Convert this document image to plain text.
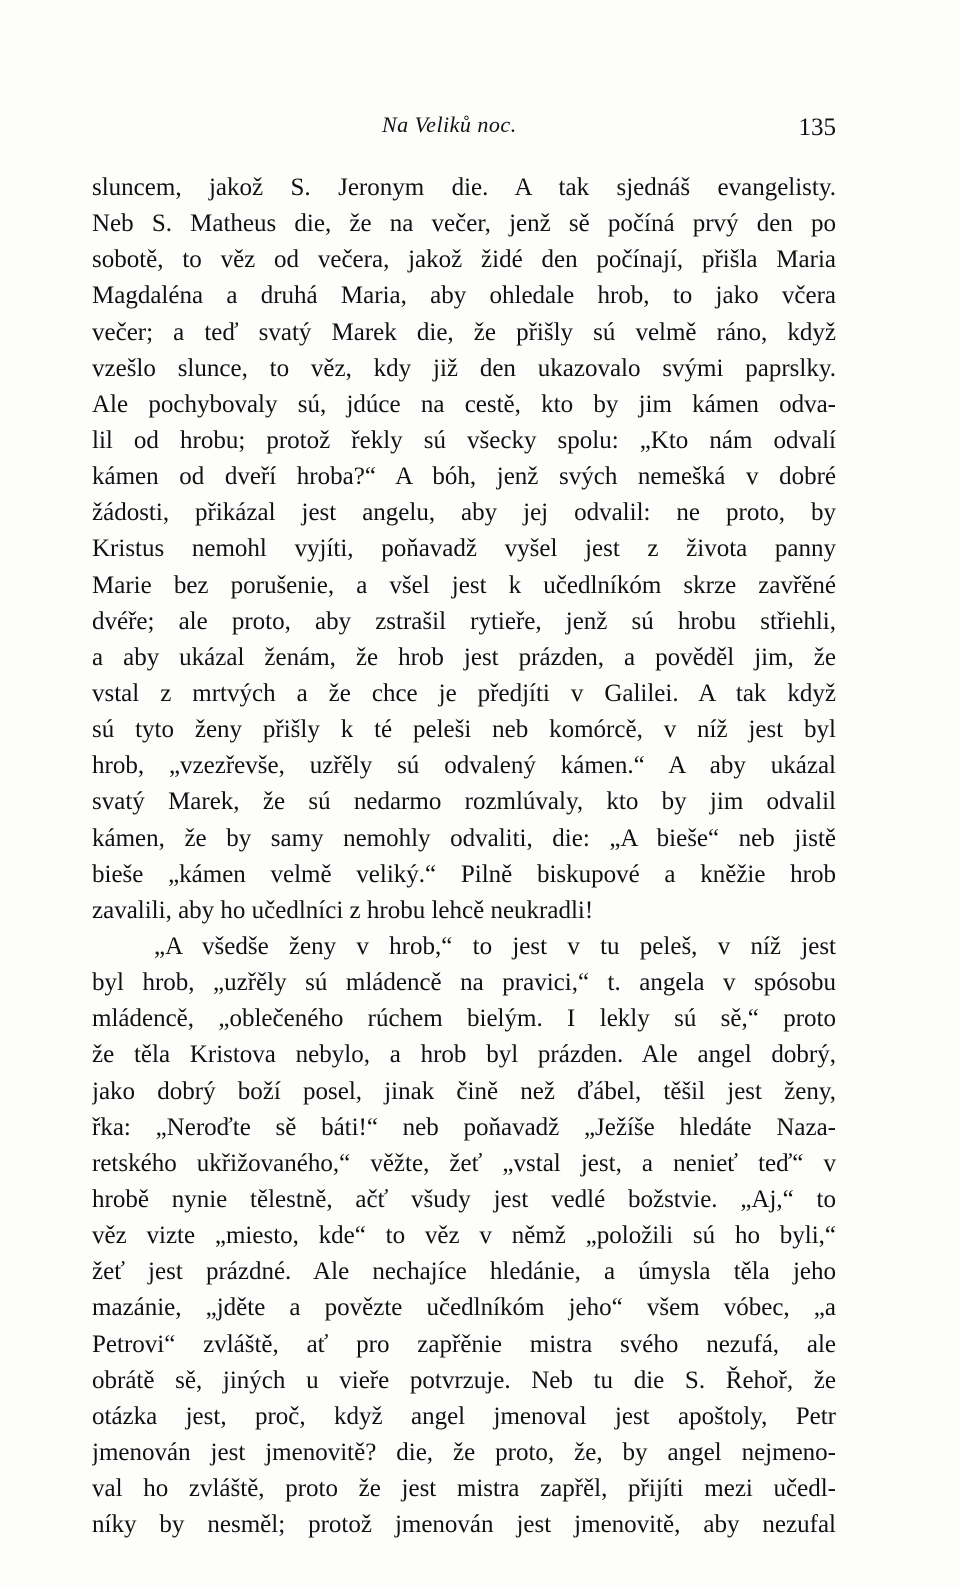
Na Veliků noc.	135
sluncem, jakož S. Jeronym die. A tak sjednáš evangelisty.
Neb S. Matheus die, že na večer, jenž sě počíná prvý den po
sobotě, to věz od večera, jakož židé den počínají, přišla Maria
Magdaléna a druhá Maria, aby ohledale hrob, to jako včera
večer; a teď svatý Marek die, že přišly sú velmě ráno, když
vzešlo slunce, to věz, kdy již den ukazovalo svými paprslky.
Ale pochybovaly sú, jdúce na cestě, kto by jim kámen odva-
lil od hrobu; protož řekly sú všecky spolu: „Kto nám odvalí
kámen od dveří hroba?“ A bóh, jenž svých nemešká v dobré
žádosti, přikázal jest angelu, aby jej odvalil: ne proto, by
Kristus nemohl vyjíti, poňavadž vyšel jest z života panny
Marie bez porušenie, a všel jest k učedlníkóm skrze zavřěné
dvéře; ale proto, aby zstrašil rytieře, jenž sú hrobu střiehli,
a aby ukázal ženám, že hrob jest prázden, a pověděl jim, že
vstal z mrtvých a že chce je předjíti v Galilei. A tak když
sú tyto ženy přišly k té peleši neb komórcě, v níž jest byl
hrob, „vzezřevše, uzřěly sú odvalený kámen.“ A aby ukázal
svatý Marek, že sú nedarmo rozmlúvaly, kto by jim odvalil
kámen, že by samy nemohly odvaliti, die: „A bieše“ neb jistě
bieše „kámen velmě veliký.“ Pilně biskupové a kněžie hrob
zavalili, aby ho učedlníci z hrobu lehcě neukradli!
„A všedše ženy v hrob,“ to jest v tu peleš, v níž jest
byl hrob, „uzřěly sú mládencě na pravici,“ t. angela v spósobu
mládencě, „oblečeného rúchem bielým. I lekly sú sě,“ proto
že těla Kristova nebylo, a hrob byl prázden. Ale angel dobrý,
jako dobrý boží posel, jinak čině než ďábel, těšil jest ženy,
řka: „Neroďte sě báti!“ neb poňavadž „Ježíše hledáte Naza-
retského ukřižovaného,“ věžte, žeť „vstal jest, a nenieť teď“ v
hrobě nynie tělestně, ačť všudy jest vedlé božstvie. „Aj,“ to
věz vizte „miesto, kde“ to věz v němž „položili sú ho byli,“
žeť jest prázdné. Ale nechajíce hledánie, a úmysla těla jeho
mazánie, „jděte a povězte učedlníkóm jeho“ všem vóbec, „a
Petrovi“ zvláště, ať pro zapřěnie mistra svého nezufá, ale
obrátě sě, jiných u vieře potvrzuje. Neb tu die S. Řehoř, že
otázka jest, proč, když angel jmenoval jest apoštoly, Petr
jmenován jest jmenovitě? die, že proto, že, by angel nejmeno-
val ho zvláště, proto že jest mistra zapřěl, přijíti mezi učedl-
níky by nesměl; protož jmenován jest jmenovitě, aby nezufal
